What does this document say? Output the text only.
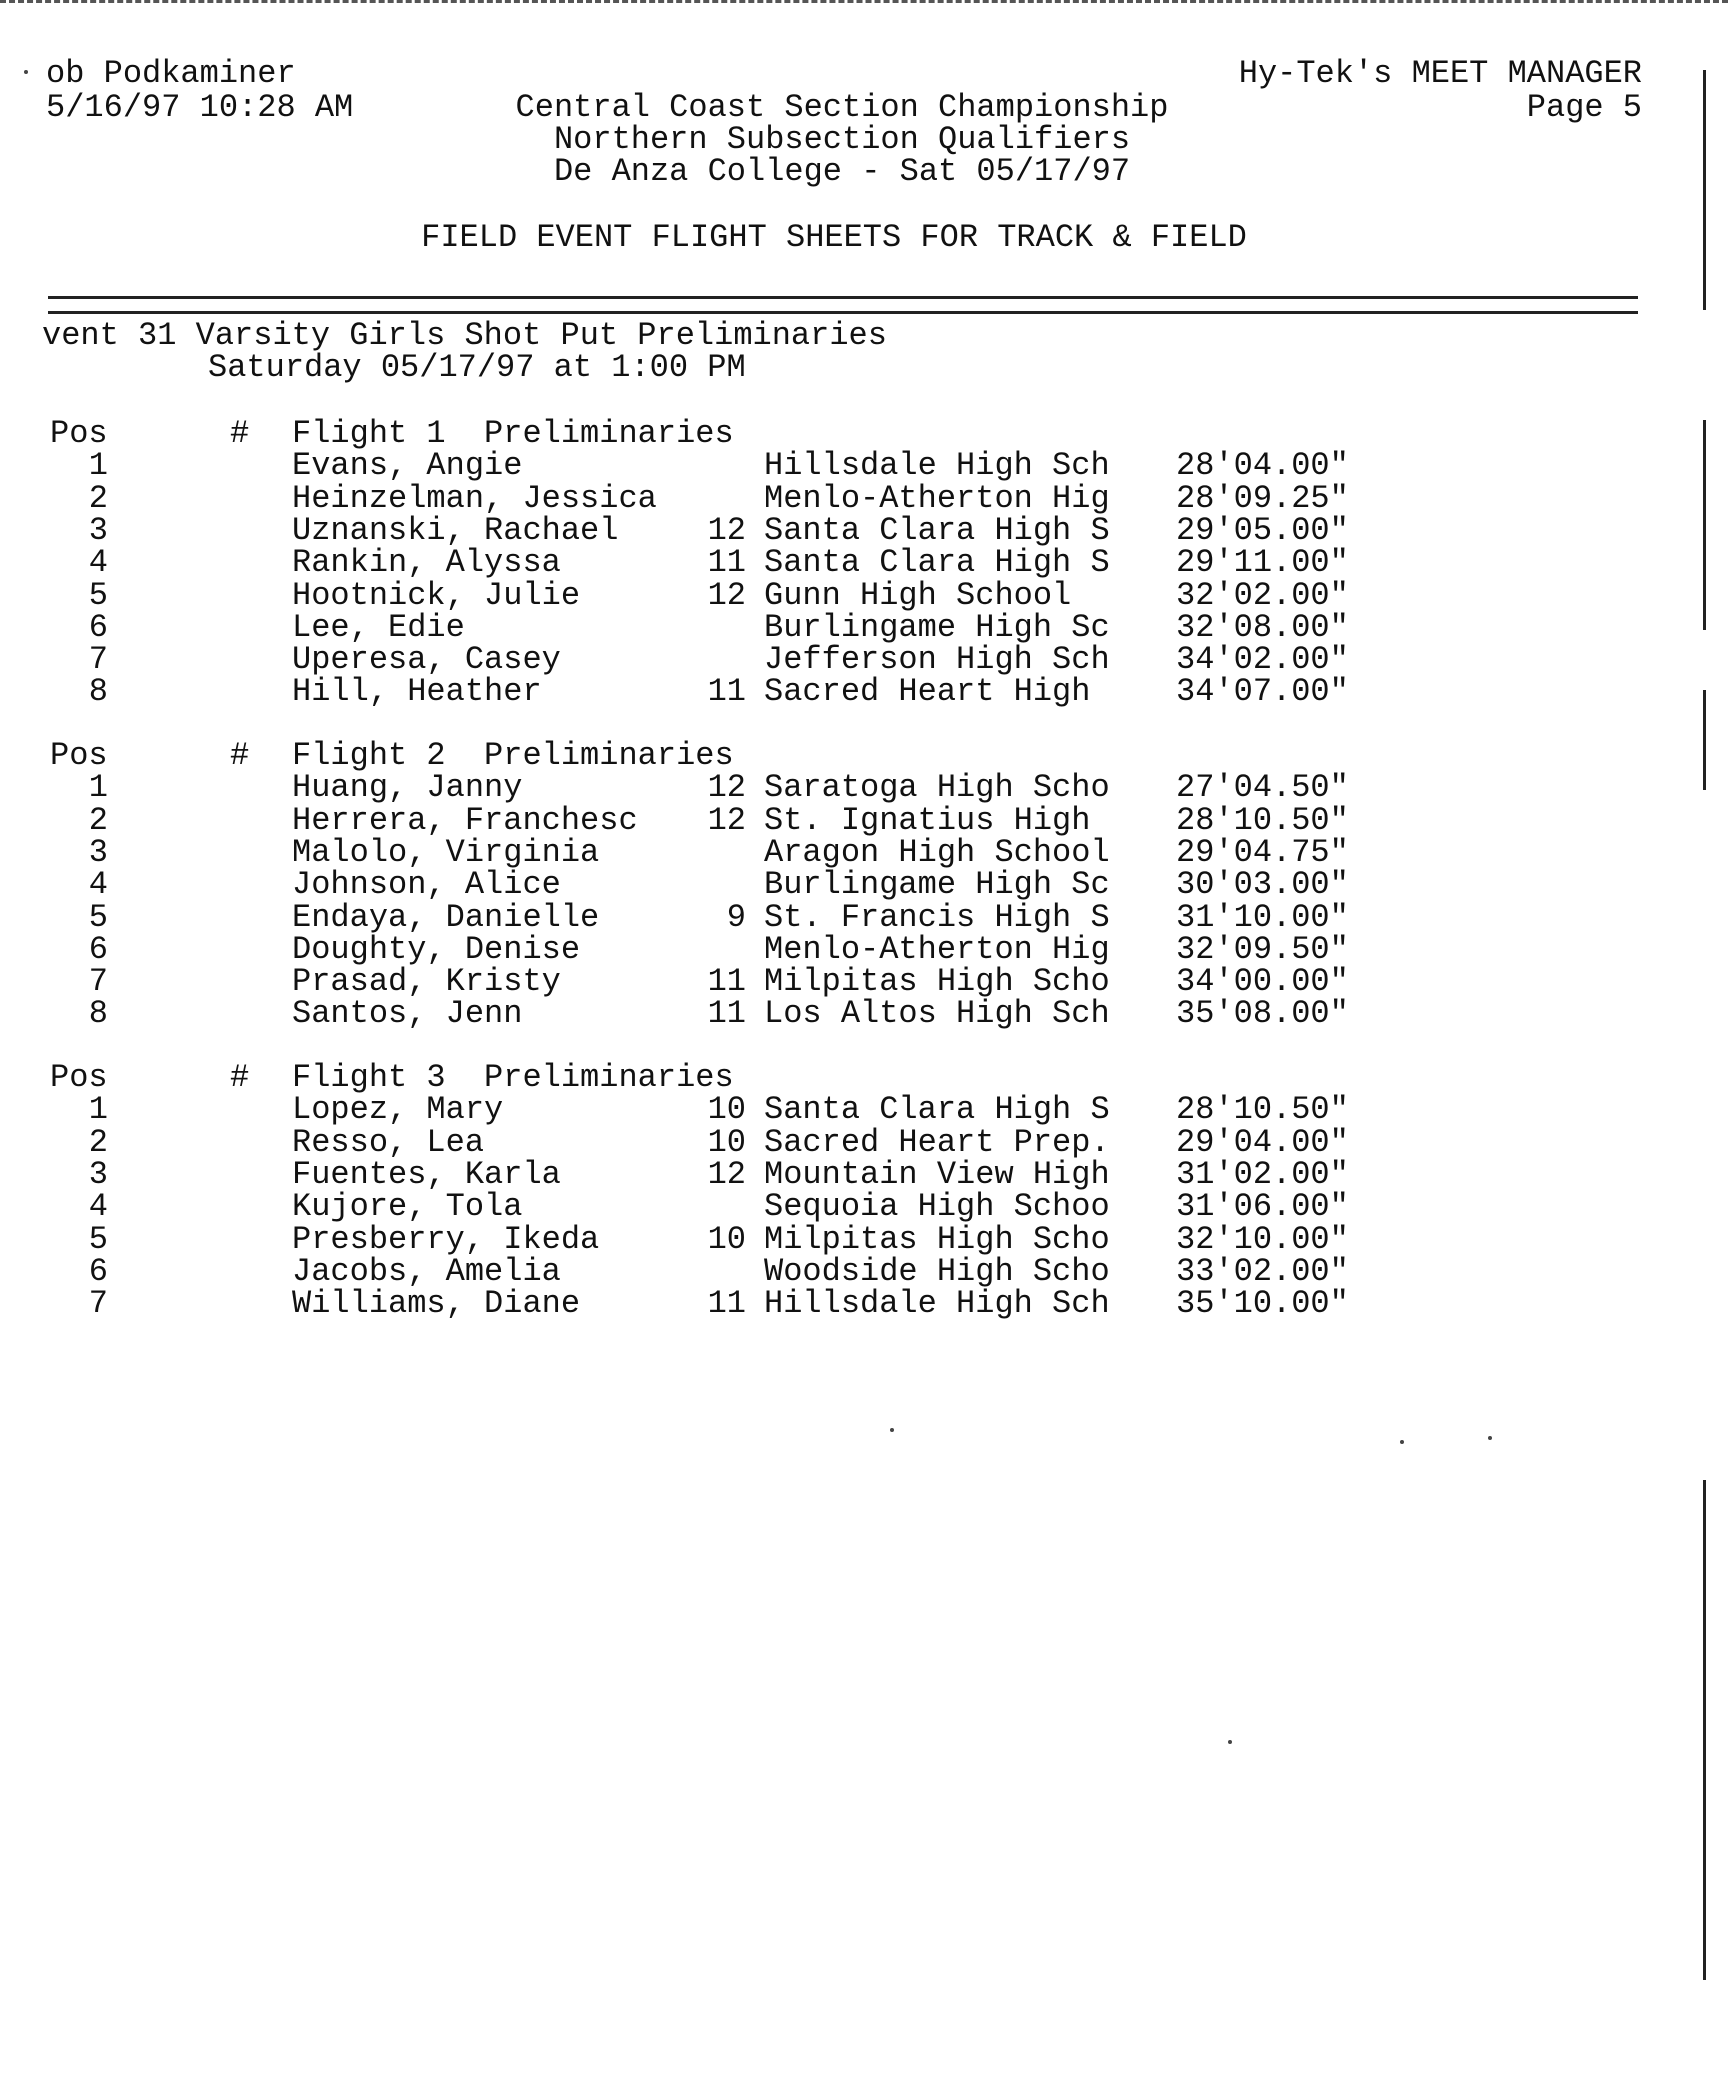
ob Podkaminer
5/16/97 10:28 AM
Hy-Tek's MEET MANAGER
Page 5
Central Coast Section Championship
Northern Subsection Qualifiers
De Anza College - Sat 05/17/97
FIELD EVENT FLIGHT SHEETS FOR TRACK & FIELD
vent 31 Varsity Girls Shot Put Preliminaries
Saturday 05/17/97 at 1:00 PM
Pos	# Flight 1  Preliminaries
1	Evans, Angie	Hillsdale High Sch 28'04.00"
2	Heinzelman, Jessica	Menlo-Atherton Hig 28'09.25"
3	Uznanski, Rachael	12 Santa Clara High S 29'05.00"
4	Rankin, Alyssa	11 Santa Clara High S 29'11.00"
5	Hootnick, Julie	12 Gunn High School	32'02.00"
6	Lee, Edie	Burlingame High Sc 32'08.00"
7	Uperesa, Casey	Jefferson High Sch 34'02.00"
8	Hill, Heather	11 Sacred Heart High	34'07.00"
Pos	# Flight 2  Preliminaries
1	Huang, Janny	12 Saratoga High Scho 27'04.50"
2	Herrera, Franchesc	12 St. Ignatius High	28'10.50"
3	Malolo, Virginia	Aragon High School 29'04.75"
4	Johnson, Alice	Burlingame High Sc 30'03.00"
5	Endaya, Danielle	9 St. Francis High S 31'10.00"
6	Doughty, Denise	Menlo-Atherton Hig 32'09.50"
7	Prasad, Kristy	11 Milpitas High Scho 34'00.00"
8	Santos, Jenn	11 Los Altos High Sch 35'08.00"
Pos	# Flight 3  Preliminaries
1	Lopez, Mary	10 Santa Clara High S 28'10.50"
2	Resso, Lea	10 Sacred Heart Prep. 29'04.00"
3	Fuentes, Karla	12 Mountain View High 31'02.00"
4	Kujore, Tola	Sequoia High Schoo 31'06.00"
5	Presberry, Ikeda	10 Milpitas High Scho 32'10.00"
6	Jacobs, Amelia	Woodside High Scho 33'02.00"
7	Williams, Diane	11 Hillsdale High Sch 35'10.00"
